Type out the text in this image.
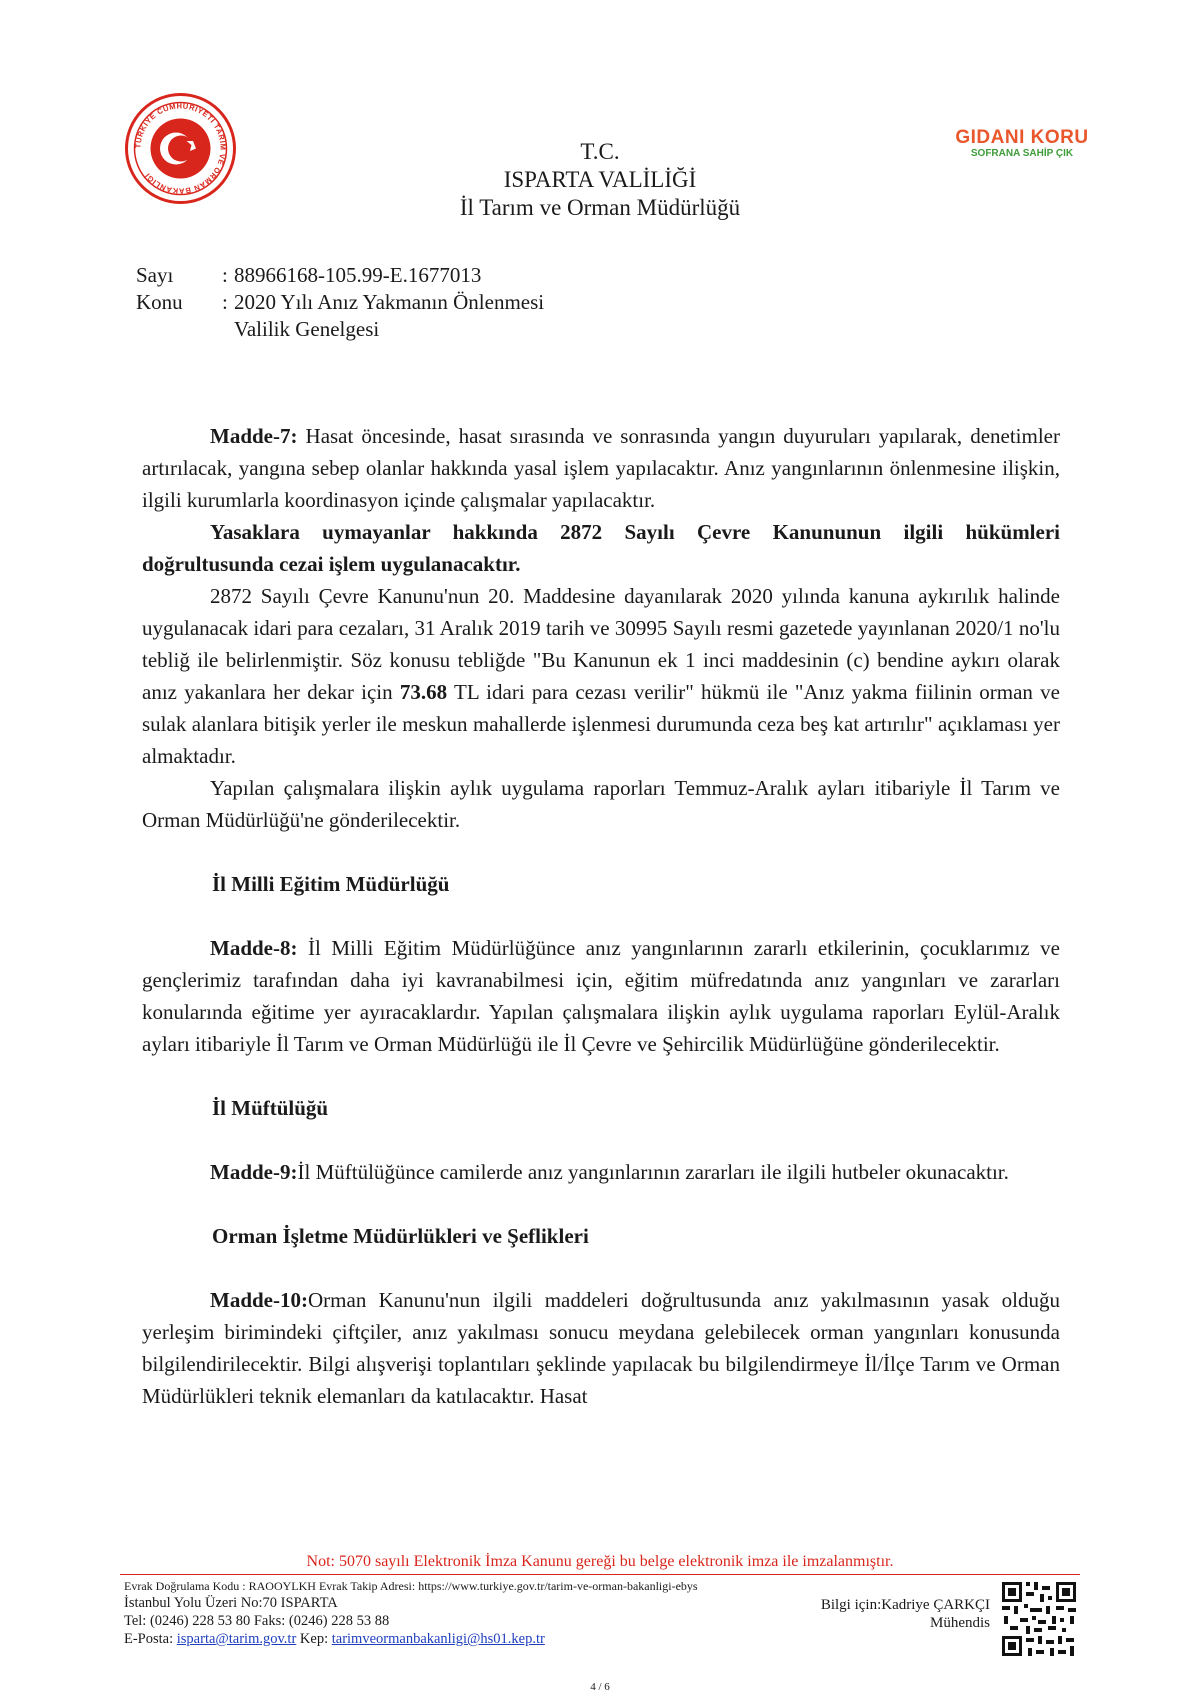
TÜRKİYE CUMHURİYETİ TARIM VE ORMAN BAKANLIĞI
T.C.
ISPARTA VALİLİĞİ
İl Tarım ve Orman Müdürlüğü
GIDANI KORU
SOFRANA SAHİP ÇIK
Sayı	: 88966168-105.99-E.1677013
Konu	: 2020 Yılı Anız Yakmanın Önlenmesi
Valilik Genelgesi

Madde-7: Hasat öncesinde, hasat sırasında ve sonrasında yangın duyuruları yapılarak, denetimler artırılacak, yangına sebep olanlar hakkında yasal işlem yapılacaktır. Anız yangınlarının önlenmesine ilişkin, ilgili kurumlarla koordinasyon içinde çalışmalar yapılacaktır.

Yasaklara uymayanlar hakkında 2872 Sayılı Çevre Kanununun ilgili hükümleri doğrultusunda cezai işlem uygulanacaktır.

2872 Sayılı Çevre Kanunu'nun 20. Maddesine dayanılarak 2020 yılında kanuna aykırılık halinde uygulanacak idari para cezaları, 31 Aralık 2019 tarih ve 30995 Sayılı resmi gazetede yayınlanan 2020/1 no'lu tebliğ ile belirlenmiştir. Söz konusu tebliğde "Bu Kanunun ek 1 inci maddesinin (c) bendine aykırı olarak anız yakanlara her dekar için 73.68 TL idari para cezası verilir" hükmü ile "Anız yakma fiilinin orman ve sulak alanlara bitişik yerler ile meskun mahallerde işlenmesi durumunda ceza beş kat artırılır" açıklaması yer almaktadır.

Yapılan çalışmalara ilişkin aylık uygulama raporları Temmuz-Aralık ayları itibariyle İl Tarım ve Orman Müdürlüğü'ne gönderilecektir.

İl Milli Eğitim Müdürlüğü

Madde-8: İl Milli Eğitim Müdürlüğünce anız yangınlarının zararlı etkilerinin, çocuklarımız ve gençlerimiz tarafından daha iyi kavranabilmesi için, eğitim müfredatında anız yangınları ve zararları konularında eğitime yer ayıracaklardır. Yapılan çalışmalara ilişkin aylık uygulama raporları Eylül-Aralık ayları itibariyle İl Tarım ve Orman Müdürlüğü ile İl Çevre ve Şehircilik Müdürlüğüne gönderilecektir.

İl Müftülüğü

Madde-9:İl Müftülüğünce camilerde anız yangınlarının zararları ile ilgili hutbeler okunacaktır.

Orman İşletme Müdürlükleri ve Şeflikleri

Madde-10:Orman Kanunu'nun ilgili maddeleri doğrultusunda anız yakılmasının yasak olduğu yerleşim birimindeki çiftçiler, anız yakılması sonucu meydana gelebilecek orman yangınları konusunda bilgilendirilecektir. Bilgi alışverişi toplantıları şeklinde yapılacak bu bilgilendirmeye İl/İlçe Tarım ve Orman Müdürlükleri teknik elemanları da katılacaktır. Hasat

Not: 5070 sayılı Elektronik İmza Kanunu gereği bu belge elektronik imza ile imzalanmıştır.
Evrak Doğrulama Kodu : RAOOYLKH Evrak Takip Adresi: https://www.turkiye.gov.tr/tarim-ve-orman-bakanligi-ebys
İstanbul Yolu Üzeri No:70 ISPARTA
Tel: (0246) 228 53 80 Faks: (0246) 228 53 88
E-Posta: isparta@tarim.gov.tr Kep: tarimveormanbakanligi@hs01.kep.tr
Bilgi için:Kadriye ÇARKÇI
Mühendis
4 / 6
